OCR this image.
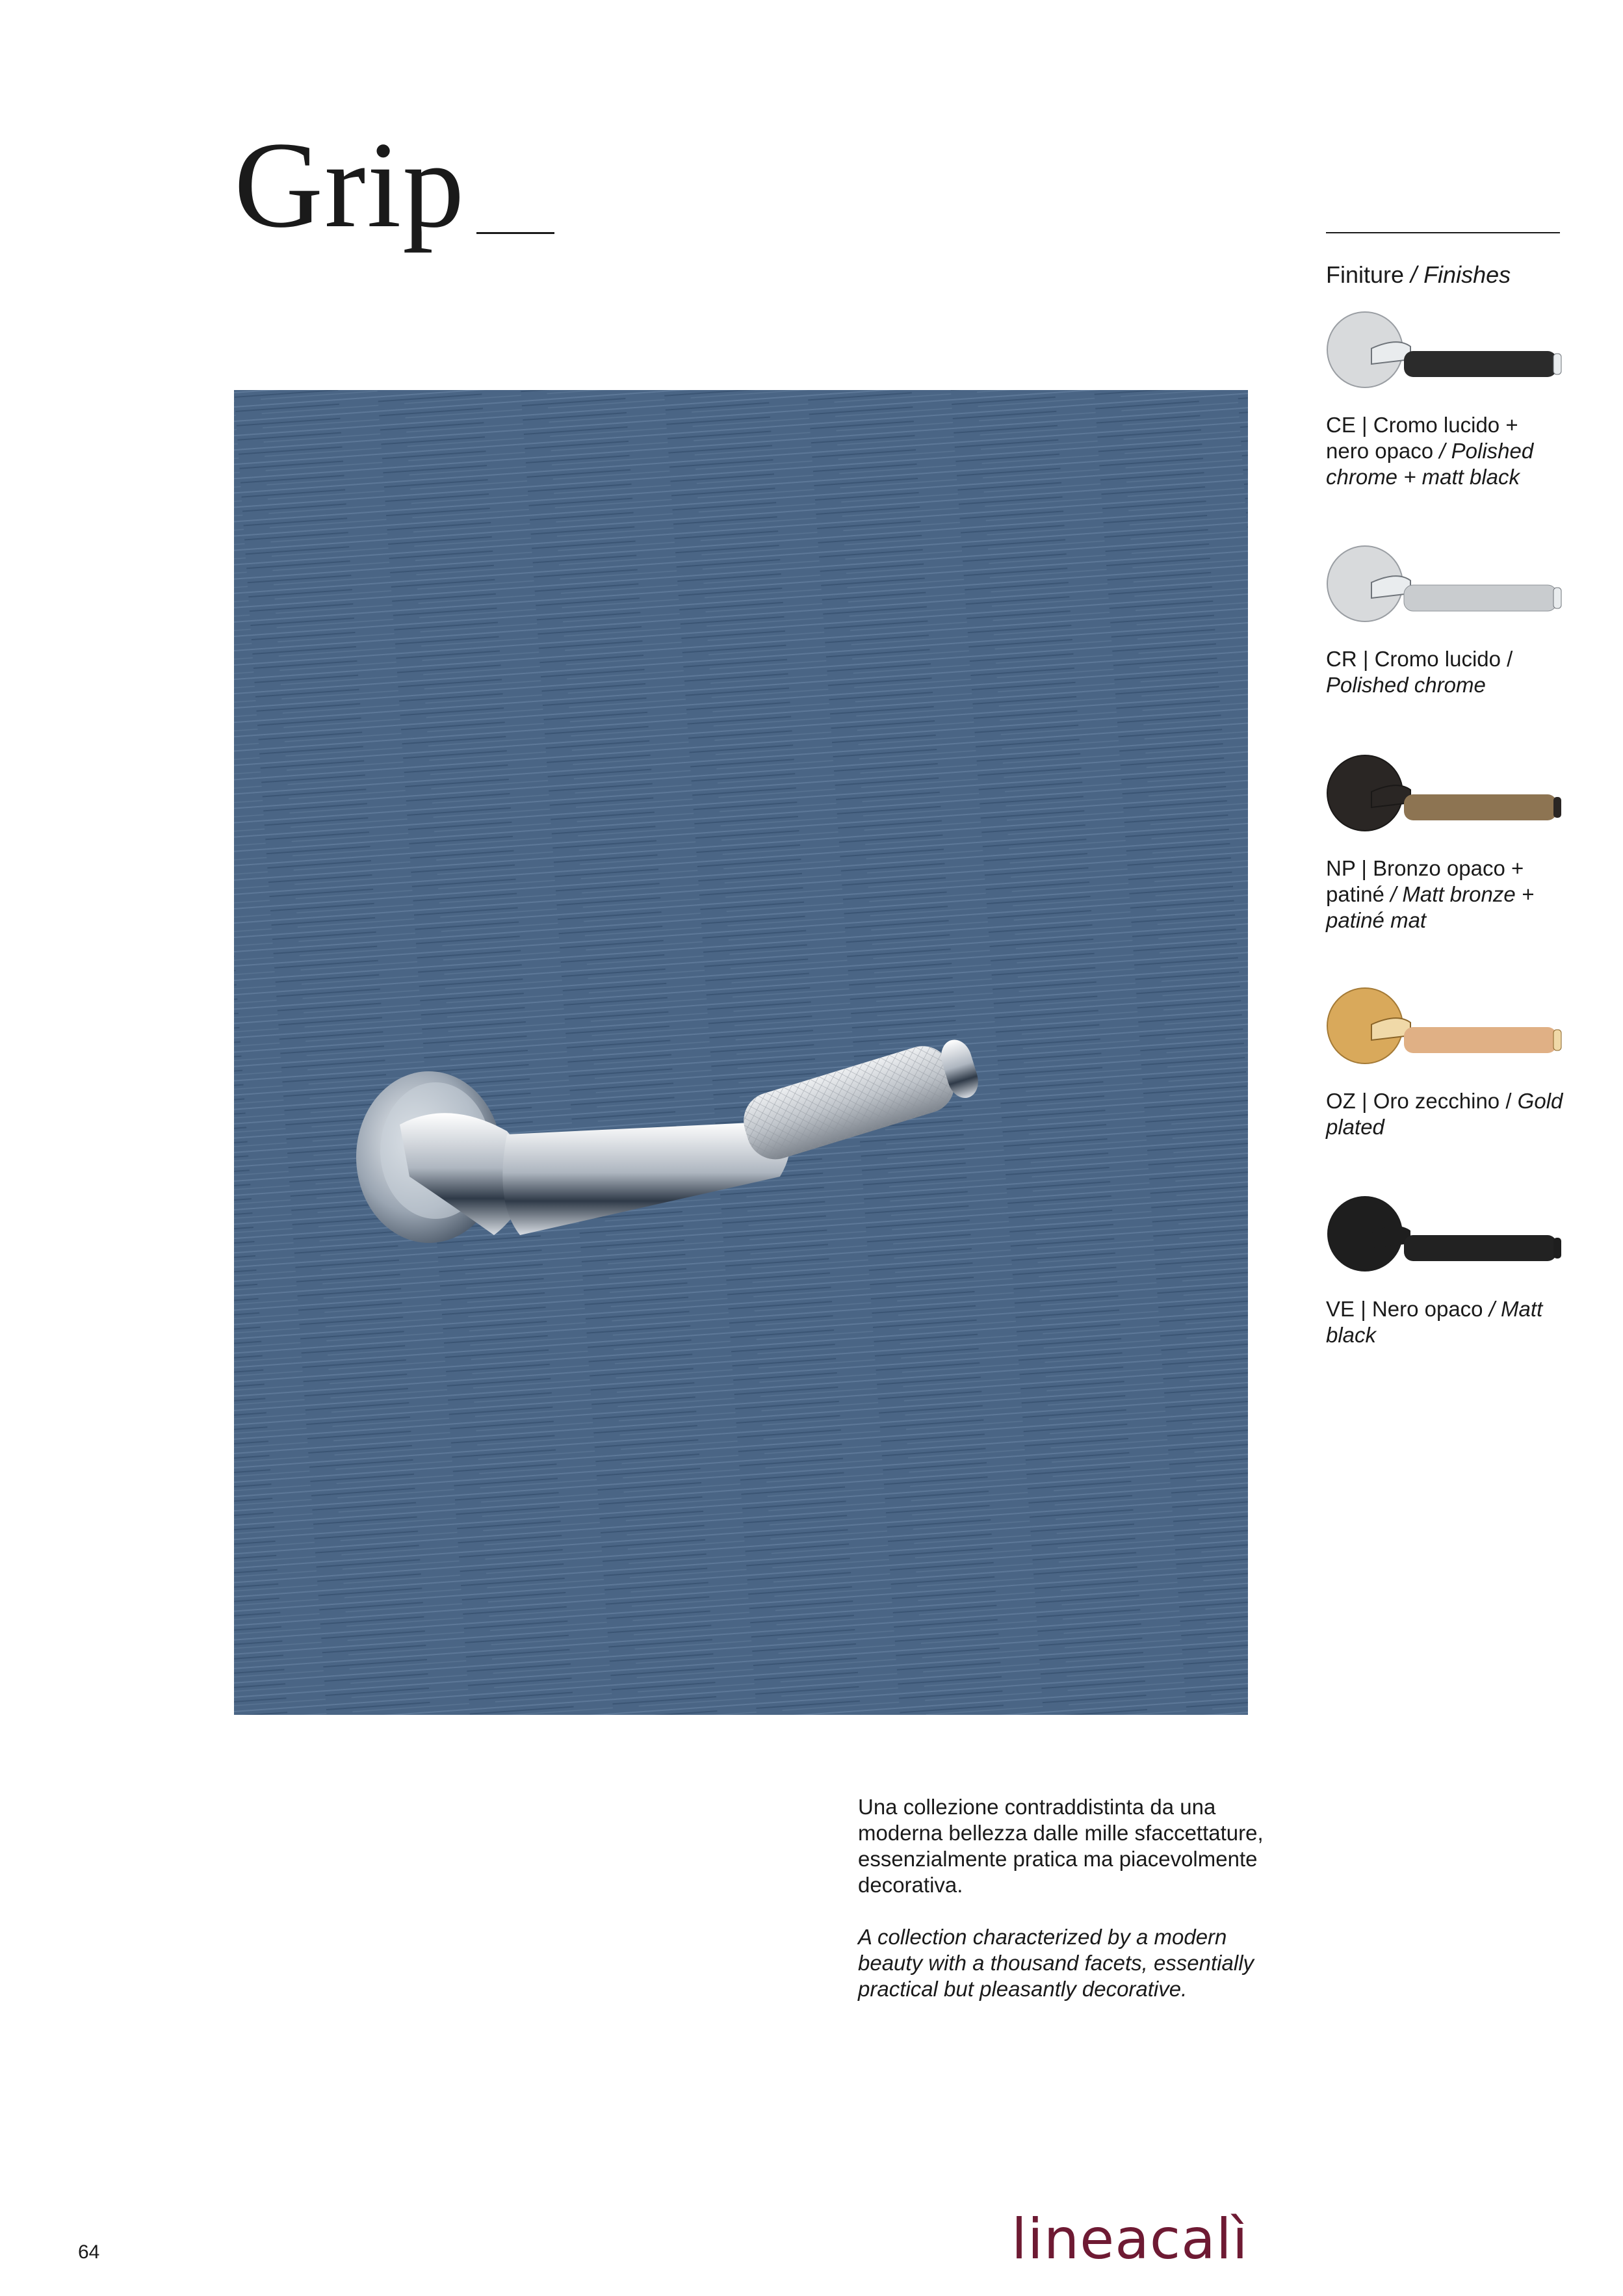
Grip
Finiture / Finishes
CE | Cromo lucido + nero opaco / Polished chrome + matt black
CR | Cromo lucido / Polished chrome
NP | Bronzo opaco + patiné / Matt bronze + patiné mat
OZ | Oro zecchino / Gold plated
VE | Nero opaco / Matt black

Una collezione contraddistinta da una moderna bellezza dalle mille sfaccettature, essenzialmente pratica ma piacevolmente decorativa.

A collection characterized by a modern beauty with a thousand facets, essentially practical but pleasantly decorative.

64	lineacalì
